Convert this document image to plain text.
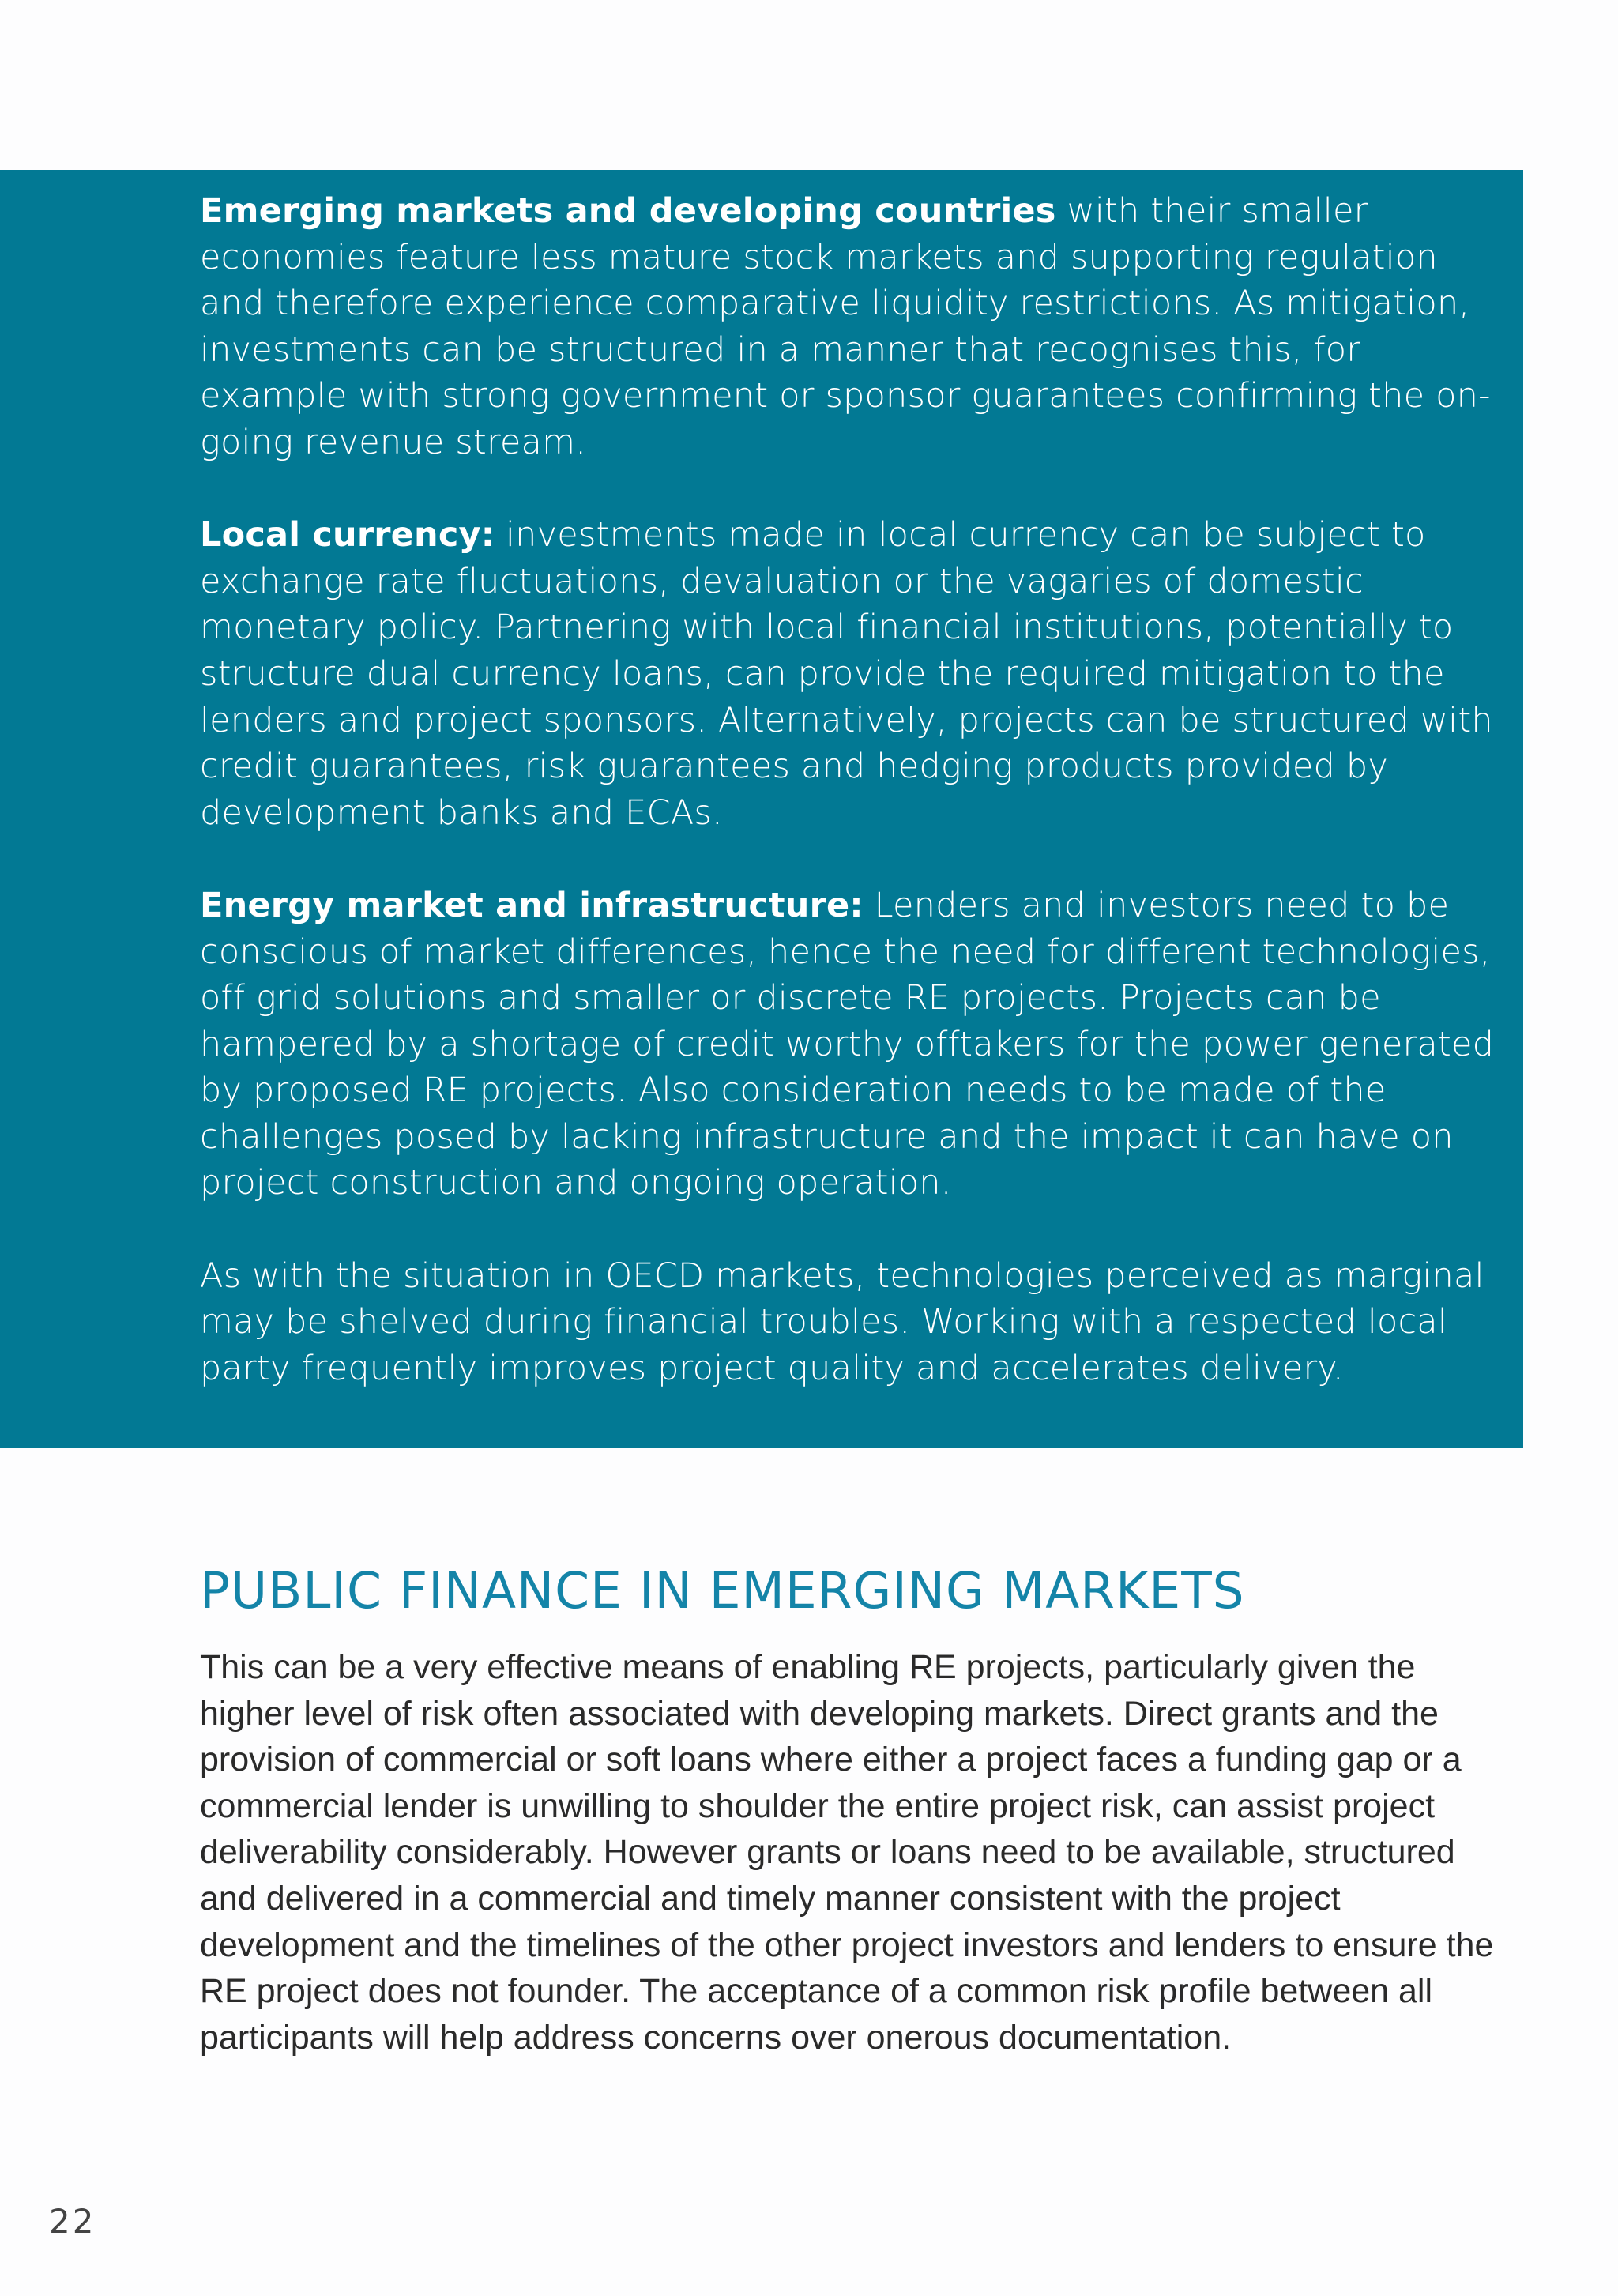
Emerging markets and developing countries with their smaller economies feature less mature stock markets and supporting regulation and therefore experience comparative liquidity restrictions. As mitigation, investments can be structured in a manner that recognises this, for example with strong government or sponsor guarantees confirming the on-going revenue stream.

Local currency: investments made in local currency can be subject to exchange rate fluctuations, devaluation or the vagaries of domestic monetary policy. Partnering with local financial institutions, potentially to structure dual currency loans, can provide the required mitigation to the lenders and project sponsors. Alternatively, projects can be structured with credit guarantees, risk guarantees and hedging products provided by development banks and ECAs.

Energy market and infrastructure: Lenders and investors need to be conscious of market differences, hence the need for different technologies, off grid solutions and smaller or discrete RE projects. Projects can be hampered by a shortage of credit worthy offtakers for the power generated by proposed RE projects. Also consideration needs to be made of the challenges posed by lacking infrastructure and the impact it can have on project construction and ongoing operation.

As with the situation in OECD markets, technologies perceived as marginal may be shelved during financial troubles. Working with a respected local party frequently improves project quality and accelerates delivery.

PUBLIC FINANCE IN EMERGING MARKETS

This can be a very effective means of enabling RE projects, particularly given the higher level of risk often associated with developing markets. Direct grants and the provision of commercial or soft loans where either a project faces a funding gap or a commercial lender is unwilling to shoulder the entire project risk, can assist project deliverability considerably. However grants or loans need to be available, structured and delivered in a commercial and timely manner consistent with the project development and the timelines of the other project investors and lenders to ensure the RE project does not founder. The acceptance of a common risk profile between all participants will help address concerns over onerous documentation.

22
